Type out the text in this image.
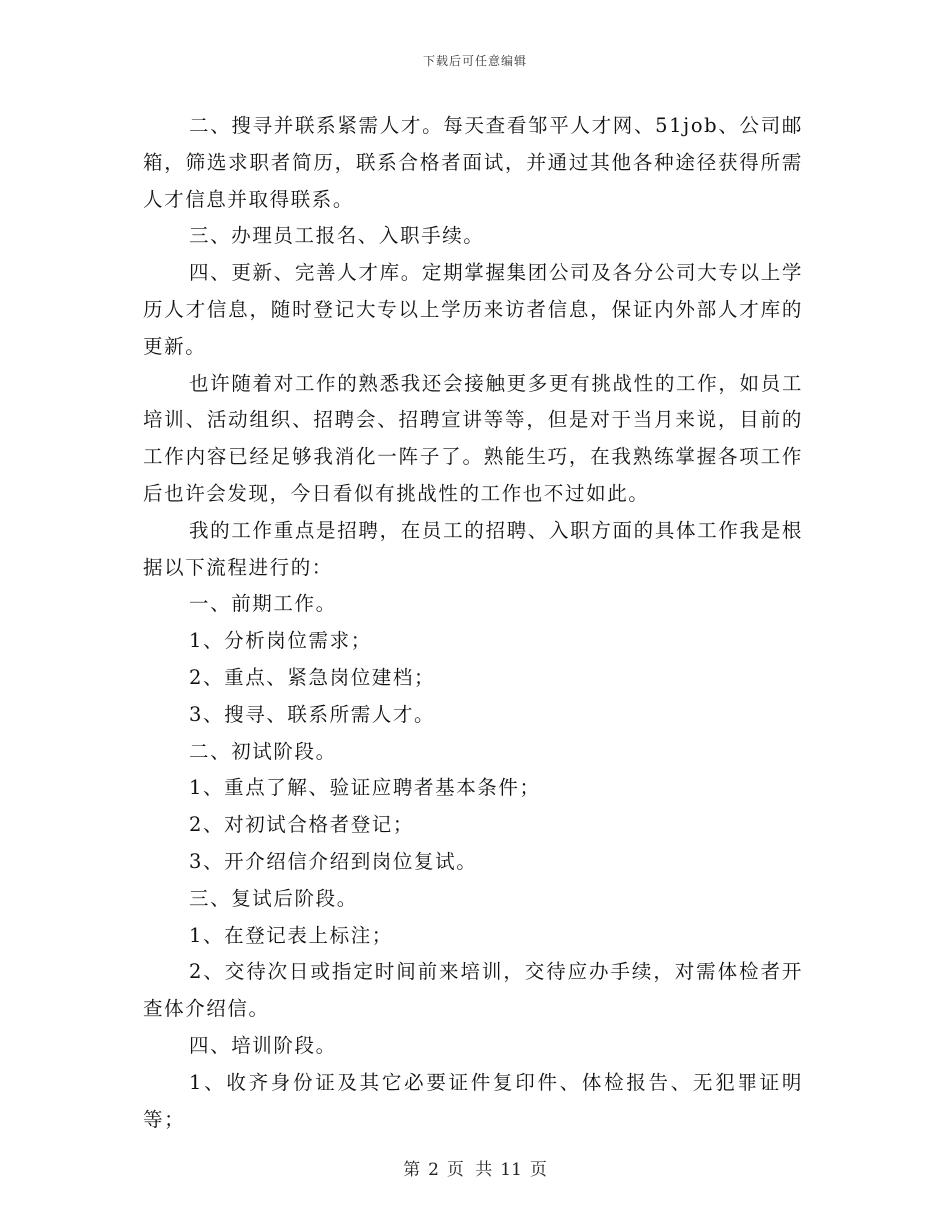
下载后可任意编辑

二、搜寻并联系紧需人才。每天查看邹平人才网、51job、公司邮箱，筛选求职者简历，联系合格者面试，并通过其他各种途径获得所需人才信息并取得联系。

三、办理员工报名、入职手续。

四、更新、完善人才库。定期掌握集团公司及各分公司大专以上学历人才信息，随时登记大专以上学历来访者信息，保证内外部人才库的更新。

也许随着对工作的熟悉我还会接触更多更有挑战性的工作，如员工培训、活动组织、招聘会、招聘宣讲等等，但是对于当月来说，目前的工作内容已经足够我消化一阵子了。熟能生巧，在我熟练掌握各项工作后也许会发现，今日看似有挑战性的工作也不过如此。

我的工作重点是招聘，在员工的招聘、入职方面的具体工作我是根据以下流程进行的：

一、前期工作。

1、分析岗位需求；

2、重点、紧急岗位建档；

3、搜寻、联系所需人才。

二、初试阶段。

1、重点了解、验证应聘者基本条件；

2、对初试合格者登记；

3、开介绍信介绍到岗位复试。

三、复试后阶段。

1、在登记表上标注；

2、交待次日或指定时间前来培训，交待应办手续，对需体检者开查体介绍信。

四、培训阶段。

1、收齐身份证及其它必要证件复印件、体检报告、无犯罪证明等；

第 2 页 共 11 页
